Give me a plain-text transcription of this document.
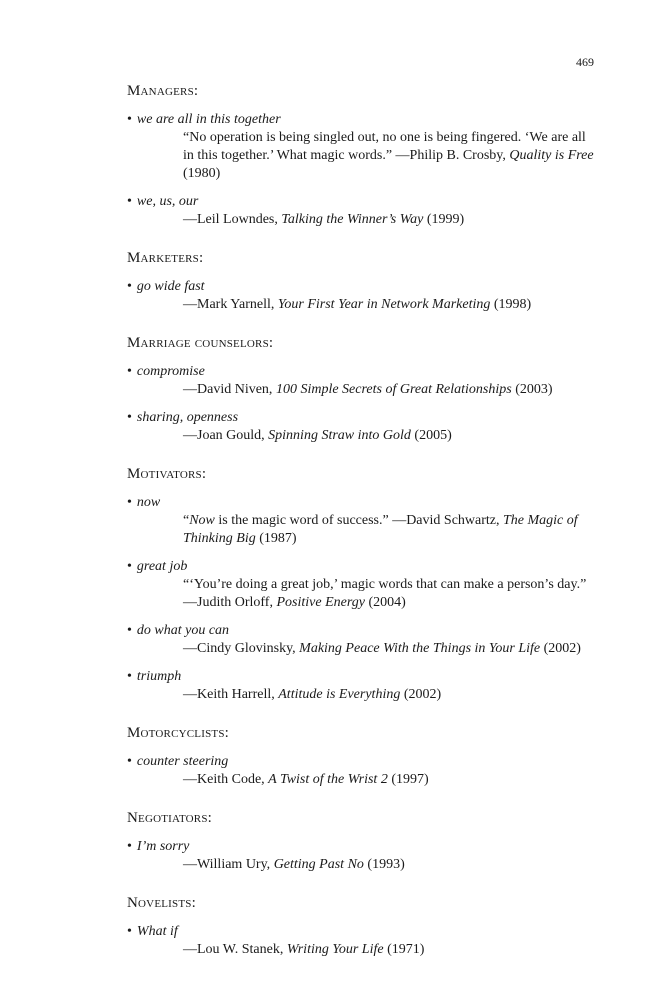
469
Managers:
• we are all in this together
“No operation is being singled out, no one is being fingered. ‘We are all in this together.’ What magic words.” —Philip B. Crosby, Quality is Free (1980)
• we, us, our
—Leil Lowndes, Talking the Winner’s Way (1999)
Marketers:
• go wide fast
—Mark Yarnell, Your First Year in Network Marketing (1998)
Marriage counselors:
• compromise
—David Niven, 100 Simple Secrets of Great Relationships (2003)
• sharing, openness
—Joan Gould, Spinning Straw into Gold (2005)
Motivators:
• now
“Now is the magic word of success.” —David Schwartz, The Magic of Thinking Big (1987)
• great job
“‘You’re doing a great job,’ magic words that can make a person’s day.”
—Judith Orloff, Positive Energy (2004)
• do what you can
—Cindy Glovinsky, Making Peace With the Things in Your Life (2002)
• triumph
—Keith Harrell, Attitude is Everything (2002)
Motorcyclists:
• counter steering
—Keith Code, A Twist of the Wrist 2 (1997)
Negotiators:
• I’m sorry
—William Ury, Getting Past No (1993)
Novelists:
• What if
—Lou W. Stanek, Writing Your Life (1971)
